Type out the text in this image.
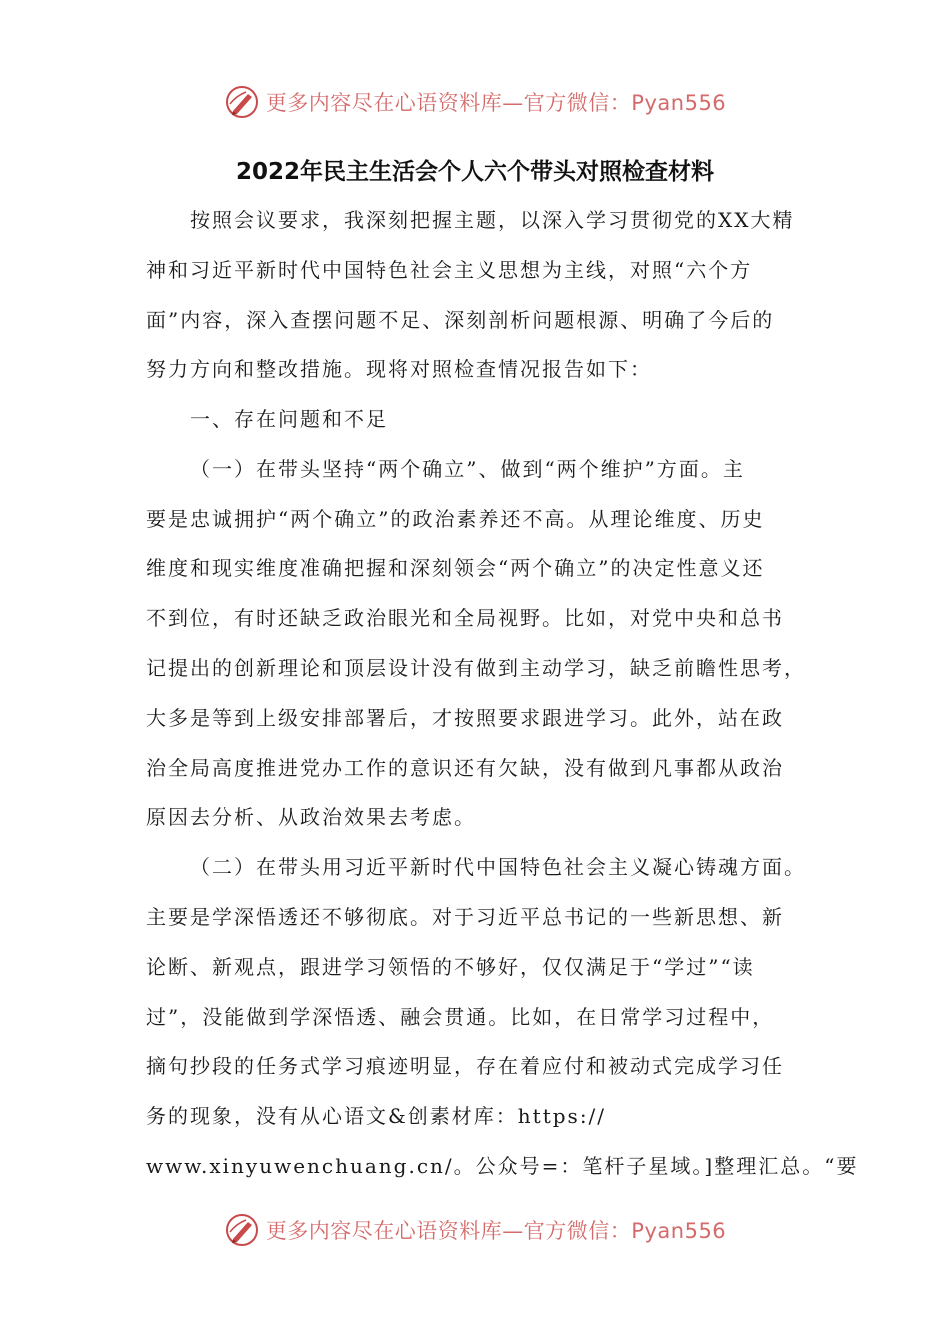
更多内容尽在心语资料库—官方微信：Pyan556
2022年民主生活会个人六个带头对照检查材料
按照会议要求，我深刻把握主题，以深入学习贯彻党的XX大精
神和习近平新时代中国特色社会主义思想为主线，对照“六个方
面”内容，深入查摆问题不足、深刻剖析问题根源、明确了今后的
努力方向和整改措施。现将对照检查情况报告如下：
一、存在问题和不足
（一）在带头坚持“两个确立”、做到“两个维护”方面。主
要是忠诚拥护“两个确立”的政治素养还不高。从理论维度、历史
维度和现实维度准确把握和深刻领会“两个确立”的决定性意义还
不到位，有时还缺乏政治眼光和全局视野。比如，对党中央和总书
记提出的创新理论和顶层设计没有做到主动学习，缺乏前瞻性思考，
大多是等到上级安排部署后，才按照要求跟进学习。此外，站在政
治全局高度推进党办工作的意识还有欠缺，没有做到凡事都从政治
原因去分析、从政治效果去考虑。
（二）在带头用习近平新时代中国特色社会主义凝心铸魂方面。
主要是学深悟透还不够彻底。对于习近平总书记的一些新思想、新
论断、新观点，跟进学习领悟的不够好，仅仅满足于“学过”“读
过”，没能做到学深悟透、融会贯通。比如，在日常学习过程中，
摘句抄段的任务式学习痕迹明显，存在着应付和被动式完成学习任
务的现象，没有从心语文&创素材库：https://
www.xinyuwenchuang.cn/。公众号=：笔杆子星域。]整理汇总。“要
更多内容尽在心语资料库—官方微信：Pyan556
